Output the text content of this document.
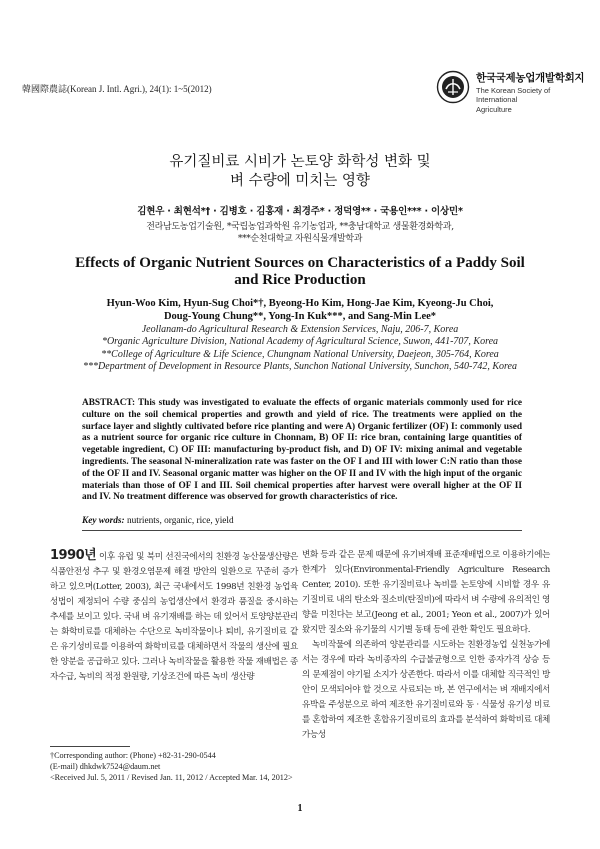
韓國際農誌(Korean J. Intl. Agri.), 24(1): 1~5(2012)
한국국제농업개발학회지
The Korean Society of International
Agriculture
유기질비료 시비가 논토양 화학성 변화 및
벼 수량에 미치는 영향
김현우 · 최현석*† · 김병호 · 김홍재 · 최경주* · 정덕영** · 국용인*** · 이상민*
전라남도농업기술원, *국립농업과학원 유기농업과, **충남대학교 생물환경화학과,
***순천대학교 자원식물개발학과
Effects of Organic Nutrient Sources on Characteristics of a Paddy Soil
and Rice Production
Hyun-Woo Kim, Hyun-Sug Choi*†, Byeong-Ho Kim, Hong-Jae Kim, Kyeong-Ju Choi,
Doug-Young Chung**, Yong-In Kuk***, and Sang-Min Lee*
Jeollanam-do Agricultural Research & Extension Services, Naju, 206-7, Korea
*Organic Agriculture Division, National Academy of Agricultural Science, Suwon, 441-707, Korea
**College of Agriculture & Life Science, Chungnam National University, Daejeon, 305-764, Korea
***Department of Development in Resource Plants, Sunchon National University, Sunchon, 540-742, Korea
ABSTRACT: This study was investigated to evaluate the effects of organic materials commonly used for rice culture on the soil chemical properties and growth and yield of rice. The treatments were applied on the surface layer and slightly cultivated before rice planting and were A) Organic fertilizer (OF) I: commonly used as a nutrient source for organic rice culture in Chonnam, B) OF II: rice bran, containing large quantities of vegetable ingredient, C) OF III: manufacturing by-product fish, and D) OF IV: mixing animal and vegetable ingredients. The seasonal N-mineralization rate was faster on the OF I and III with lower C:N ratio than those of the OF II and IV. Seasonal organic matter was higher on the OF II and IV with the high input of the organic materials than those of OF I and III. Soil chemical properties after harvest were overall higher at the OF II and IV. No treatment difference was observed for growth characteristics of rice.
Key words: nutrients, organic, rice, yield

1990년 이후 유럽 및 북미 선진국에서의 친환경 농산물생산량은 식품안전성 추구 및 환경오염문제 해결 방안의 일환으로 꾸준히 증가하고 있으며(Lotter, 2003), 최근 국내에서도 1998년 친환경 농업육성법이 제정되어 수량 중심의 농업생산에서 환경과 품질을 중시하는 추세를 보이고 있다. 국내 벼 유기재배를 하는 데 있어서 토양양분관리는 화학비료를 대체하는 수단으로 녹비작물이나 퇴비, 유기질비료 같은 유기성비료를 이용하여 화학비료를 대체하면서 작물의 생산에 필요한 양분을 공급하고 있다. 그러나 녹비작물을 활용한 작물 재배법은 종자수급, 녹비의 적정 환원량, 기상조건에 따른 녹비 생산량

변화 등과 같은 문제 때문에 유기벼재배 표준재배법으로 이용하기에는 한계가 있다(Environmental-Friendly Agriculture Research Center, 2010). 또한 유기질비료나 녹비를 논토양에 시비할 경우 유기질비료 내의 탄소와 질소비(탄질비)에 따라서 벼 수량에 유의적인 영향을 미친다는 보고(Jeong et al., 2001; Yeon et al., 2007)가 있어왔지만 질소와 유기물의 시기별 동태 등에 관한 확인도 필요하다.

녹비작물에 의존하여 양분관리를 시도하는 친환경농업 실천농가에서는 경우에 따라 녹비종자의 수급불균형으로 인한 종자가격 상승 등의 문제점이 야기될 소지가 상존한다. 따라서 이를 대체할 직극적인 방안이 모색되어야 할 것으로 사료되는 바, 본 연구에서는 벼 재배지에서 유박을 주성분으로 하여 제조한 유기질비료와 동 · 식물성 유기성 비료를 혼합하여 제조한 혼합유기질비료의 효과를 분석하여 화학비료 대체 가능성

†Corresponding author: (Phone) +82-31-290-0544
(E-mail) dhkdwk7524@daum.net
<Received Jul. 5, 2011 / Revised Jan. 11, 2012 / Accepted Mar. 14, 2012>
1
